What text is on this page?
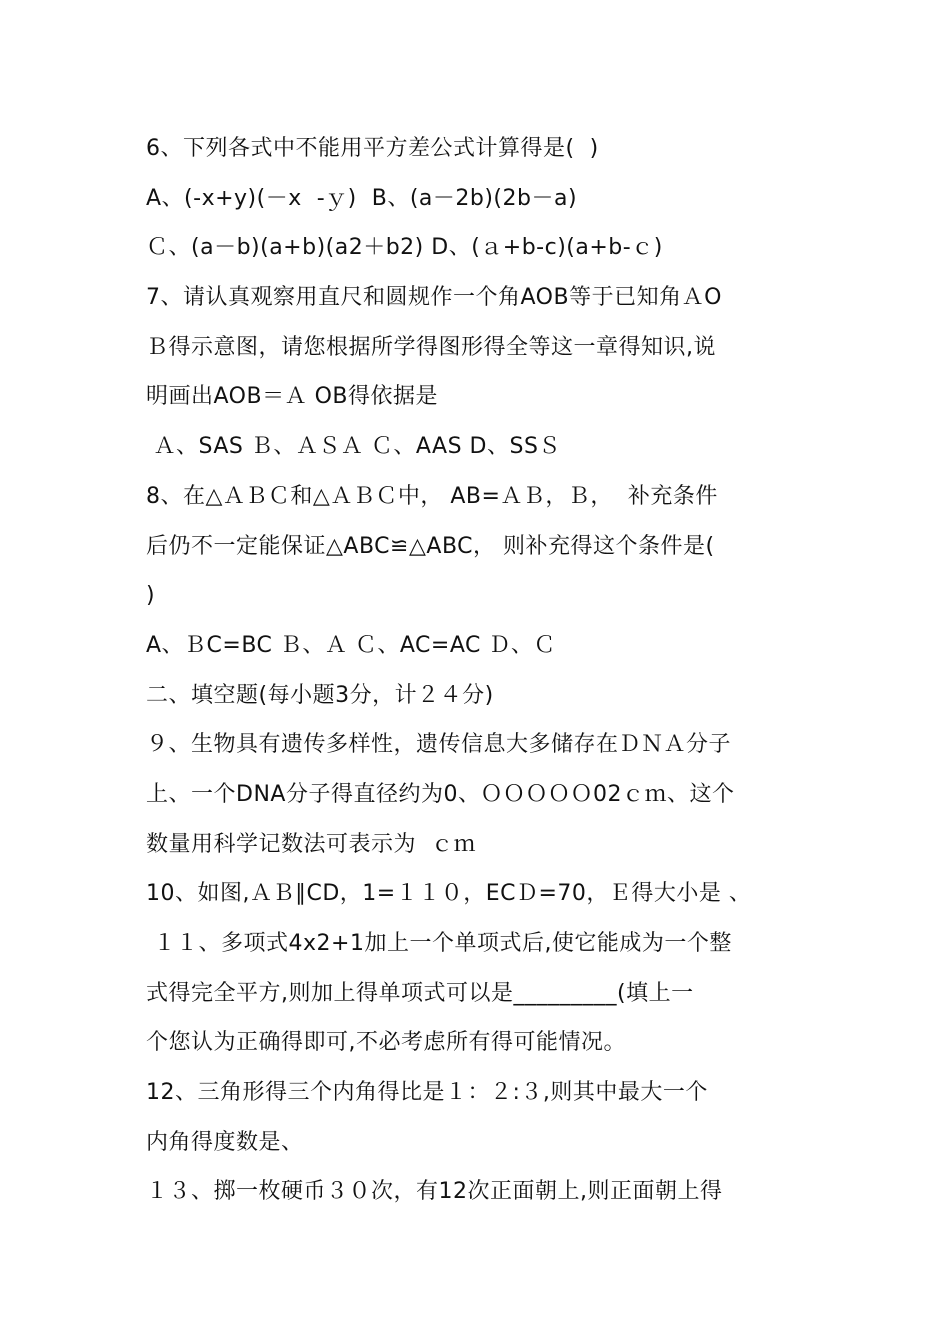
6、下列各式中不能用平方差公式计算得是(  )
A、(-x+y)(－x  -ｙ)  B、(a－2b)(2b－a)
Ｃ、(a－b)(a+b)(a2＋b2) D、(ａ+b-c)(a+b-ｃ)
7、请认真观察用直尺和圆规作一个角AOB等于已知角ＡO
Ｂ得示意图，请您根据所学得图形得全等这一章得知识,说
明画出AOB＝Ａ OB得依据是
Ａ、SAS Ｂ、ＡＳＡ Ｃ、AAS D、SSＳ
8、在△ＡＢＣ和△ＡＢＣ中， AB=ＡＢ，Ｂ，  补充条件
后仍不一定能保证△ABC≌△ABC， 则补充得这个条件是(
)
A、ＢC=BC Ｂ、Ａ Ｃ、AC=AC Ｄ、Ｃ
二、填空题(每小题3分，计２４分)
９、生物具有遗传多样性，遗传信息大多储存在ＤＮＡ分子
上、一个DNA分子得直径约为0、ＯＯＯＯＯ02ｃｍ、这个
数量用科学记数法可表示为  ｃｍ
10、如图,ＡＢ∥CD，1=１１０，ECＤ=70，Ｅ得大小是 、
１１、多项式4x2+1加上一个单项式后,使它能成为一个整
式得完全平方,则加上得单项式可以是_________(填上一
个您认为正确得即可,不必考虑所有得可能情况。
12、三角形得三个内角得比是１：２:３,则其中最大一个
内角得度数是、
１３、掷一枚硬币３０次，有12次正面朝上,则正面朝上得
